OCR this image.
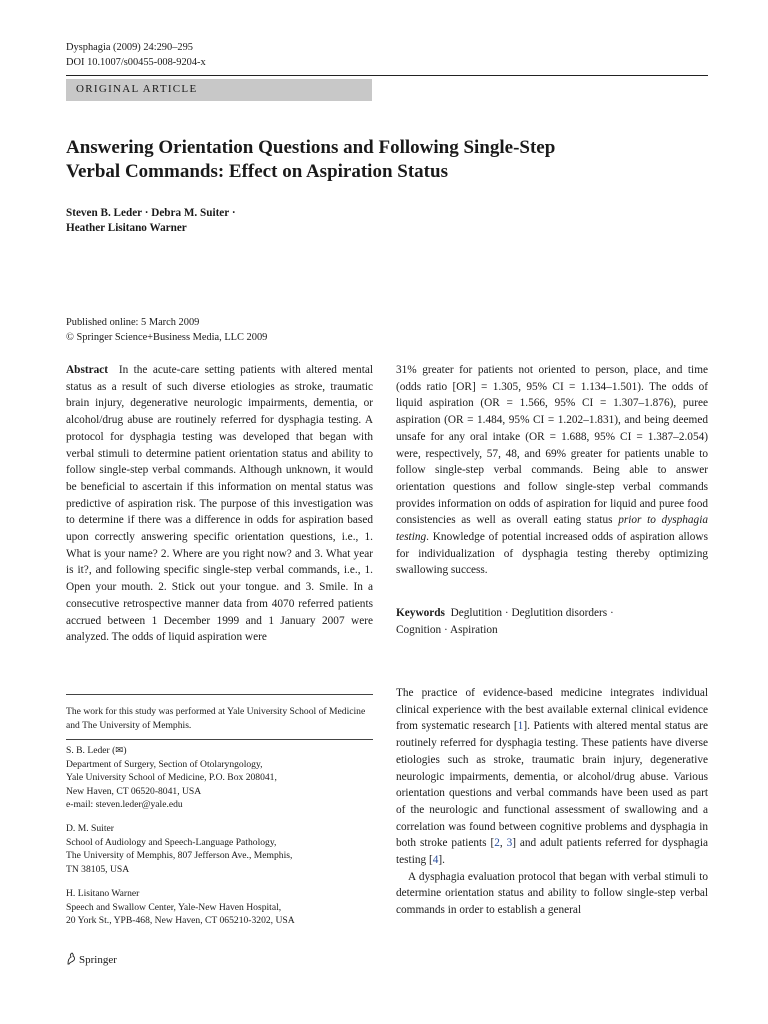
Dysphagia (2009) 24:290–295
DOI 10.1007/s00455-008-9204-x
ORIGINAL ARTICLE
Answering Orientation Questions and Following Single-Step
Verbal Commands: Effect on Aspiration Status
Steven B. Leder · Debra M. Suiter ·
Heather Lisitano Warner
Published online: 5 March 2009
© Springer Science+Business Media, LLC 2009

Abstract In the acute-care setting patients with altered mental status as a result of such diverse etiologies as stroke, traumatic brain injury, degenerative neurologic impairments, dementia, or alcohol/drug abuse are routinely referred for dysphagia testing. A protocol for dysphagia testing was developed that began with verbal stimuli to determine patient orientation status and ability to follow single-step verbal commands. Although unknown, it would be beneficial to ascertain if this information on mental status was predictive of aspiration risk. The purpose of this investigation was to determine if there was a difference in odds for aspiration based upon correctly answering specific orientation questions, i.e., 1. What is your name? 2. Where are you right now? and 3. What year is it?, and following specific single-step verbal commands, i.e., 1. Open your mouth. 2. Stick out your tongue. and 3. Smile. In a consecutive retrospective manner data from 4070 referred patients accrued between 1 December 1999 and 1 January 2007 were analyzed. The odds of liquid aspiration were

31% greater for patients not oriented to person, place, and time (odds ratio [OR] = 1.305, 95% CI = 1.134–1.501). The odds of liquid aspiration (OR = 1.566, 95% CI = 1.307–1.876), puree aspiration (OR = 1.484, 95% CI = 1.202–1.831), and being deemed unsafe for any oral intake (OR = 1.688, 95% CI = 1.387–2.054) were, respectively, 57, 48, and 69% greater for patients unable to follow single-step verbal commands. Being able to answer orientation questions and follow single-step verbal commands provides information on odds of aspiration for liquid and puree food consistencies as well as overall eating status prior to dysphagia testing. Knowledge of potential increased odds of aspiration allows for individualization of dysphagia testing thereby optimizing swallowing success.

Keywords Deglutition · Deglutition disorders ·
Cognition · Aspiration
The work for this study was performed at Yale University School of Medicine and The University of Memphis.
S. B. Leder (✉)
Department of Surgery, Section of Otolaryngology,
Yale University School of Medicine, P.O. Box 208041,
New Haven, CT 06520-8041, USA
e-mail: steven.leder@yale.edu
D. M. Suiter
School of Audiology and Speech-Language Pathology,
The University of Memphis, 807 Jefferson Ave., Memphis,
TN 38105, USA
H. Lisitano Warner
Speech and Swallow Center, Yale-New Haven Hospital,
20 York St., YPB-468, New Haven, CT 065210-3202, USA

The practice of evidence-based medicine integrates individual clinical experience with the best available external clinical evidence from systematic research [1]. Patients with altered mental status are routinely referred for dysphagia testing. These patients have diverse etiologies such as stroke, traumatic brain injury, degenerative neurologic impairments, dementia, or alcohol/drug abuse. Various orientation questions and verbal commands have been used as part of the neurologic and functional assessment of swallowing and a correlation was found between cognitive problems and dysphagia in both stroke patients [2, 3] and adult patients referred for dysphagia testing [4].

A dysphagia evaluation protocol that began with verbal stimuli to determine orientation status and ability to follow single-step verbal commands in order to establish a general

Springer
